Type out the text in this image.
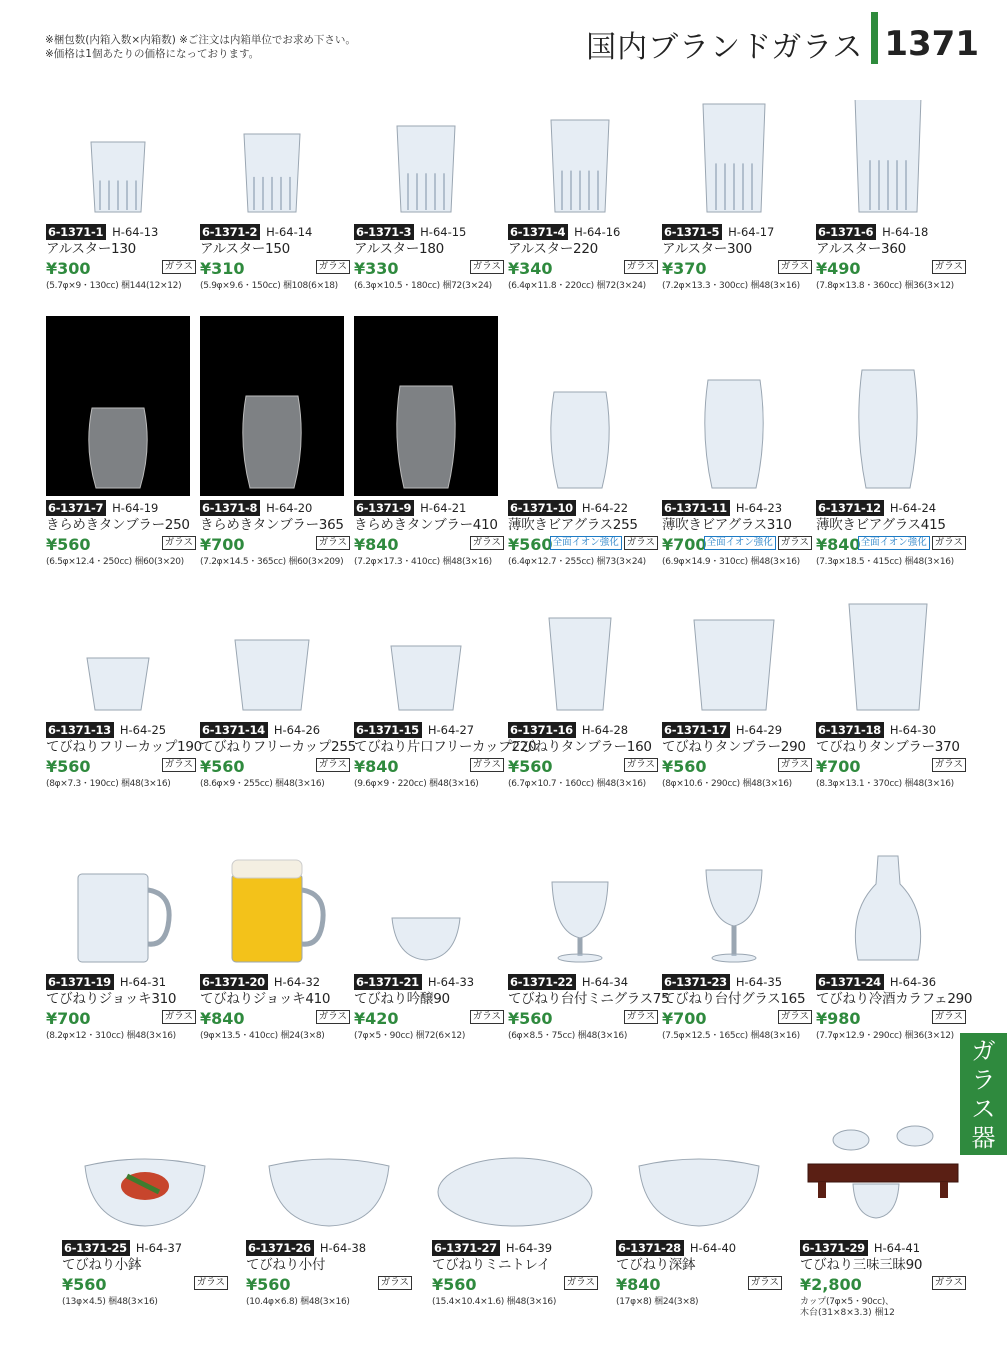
※梱包数(内箱入数×内箱数) ※ご注文は内箱単位でお求め下さい。
※価格は1個あたりの価格になっております。	国内ブランドガラス 1371
ガラス器
6-1371-1 H-64-13
アルスター130
¥300	ガラス
(5.7φ×9・130cc) 梱144(12×12)
6-1371-2 H-64-14
アルスター150
¥310	ガラス
(5.9φ×9.6・150cc) 梱108(6×18)
6-1371-3 H-64-15
アルスター180
¥330	ガラス
(6.3φ×10.5・180cc) 梱72(3×24)
6-1371-4 H-64-16
アルスター220
¥340	ガラス
(6.4φ×11.8・220cc) 梱72(3×24)
6-1371-5 H-64-17
アルスター300
¥370	ガラス
(7.2φ×13.3・300cc) 梱48(3×16)
6-1371-6 H-64-18
アルスター360
¥490	ガラス
(7.8φ×13.8・360cc) 梱36(3×12)
6-1371-7 H-64-19
きらめきタンブラー250
¥560	ガラス
(6.5φ×12.4・250cc) 梱60(3×20)
6-1371-8 H-64-20
きらめきタンブラー365
¥700	ガラス
(7.2φ×14.5・365cc) 梱60(3×209)
6-1371-9 H-64-21
きらめきタンブラー410
¥840	ガラス
(7.2φ×17.3・410cc) 梱48(3×16)
6-1371-10 H-64-22
薄吹きビアグラス255
¥560 全面イオン強化 ガラス
(6.4φ×12.7・255cc) 梱73(3×24)
6-1371-11 H-64-23
薄吹きビアグラス310
¥700 全面イオン強化 ガラス
(6.9φ×14.9・310cc) 梱48(3×16)
6-1371-12 H-64-24
薄吹きビアグラス415
¥840 全面イオン強化 ガラス
(7.3φ×18.5・415cc) 梱48(3×16)
6-1371-13 H-64-25
てびねりフリーカップ190
¥560	ガラス
(8φ×7.3・190cc) 梱48(3×16)
6-1371-14 H-64-26
てびねりフリーカップ255
¥560	ガラス
(8.6φ×9・255cc) 梱48(3×16)
6-1371-15 H-64-27
てびねり片口フリーカップ220
¥840	ガラス
(9.6φ×9・220cc) 梱48(3×16)
6-1371-16 H-64-28
てびねりタンブラー160
¥560	ガラス
(6.7φ×10.7・160cc) 梱48(3×16)
6-1371-17 H-64-29
てびねりタンブラー290
¥560	ガラス
(8φ×10.6・290cc) 梱48(3×16)
6-1371-18 H-64-30
てびねりタンブラー370
¥700	ガラス
(8.3φ×13.1・370cc) 梱48(3×16)
6-1371-19 H-64-31
てびねりジョッキ310
¥700	ガラス
(8.2φ×12・310cc) 梱48(3×16)
6-1371-20 H-64-32
てびねりジョッキ410
¥840	ガラス
(9φ×13.5・410cc) 梱24(3×8)
6-1371-21 H-64-33
てびねり吟醸90
¥420	ガラス
(7φ×5・90cc) 梱72(6×12)
6-1371-22 H-64-34
てびねり台付ミニグラス75
¥560	ガラス
(6φ×8.5・75cc) 梱48(3×16)
6-1371-23 H-64-35
てびねり台付グラス165
¥700	ガラス
(7.5φ×12.5・165cc) 梱48(3×16)
6-1371-24 H-64-36
てびねり冷酒カラフェ290
¥980	ガラス
(7.7φ×12.9・290cc) 梱36(3×12)
6-1371-25 H-64-37
てびねり小鉢
¥560	ガラス
(13φ×4.5) 梱48(3×16)
6-1371-26 H-64-38
てびねり小付
¥560	ガラス
(10.4φ×6.8) 梱48(3×16)
6-1371-27 H-64-39
てびねりミニトレイ
¥560	ガラス
(15.4×10.4×1.6) 梱48(3×16)
6-1371-28 H-64-40
てびねり深鉢
¥840	ガラス
(17φ×8) 梱24(3×8)
6-1371-29 H-64-41
てびねり三味三昧90
¥2,800	ガラス
カップ(7φ×5・90cc)、
木台(31×8×3.3) 梱12
